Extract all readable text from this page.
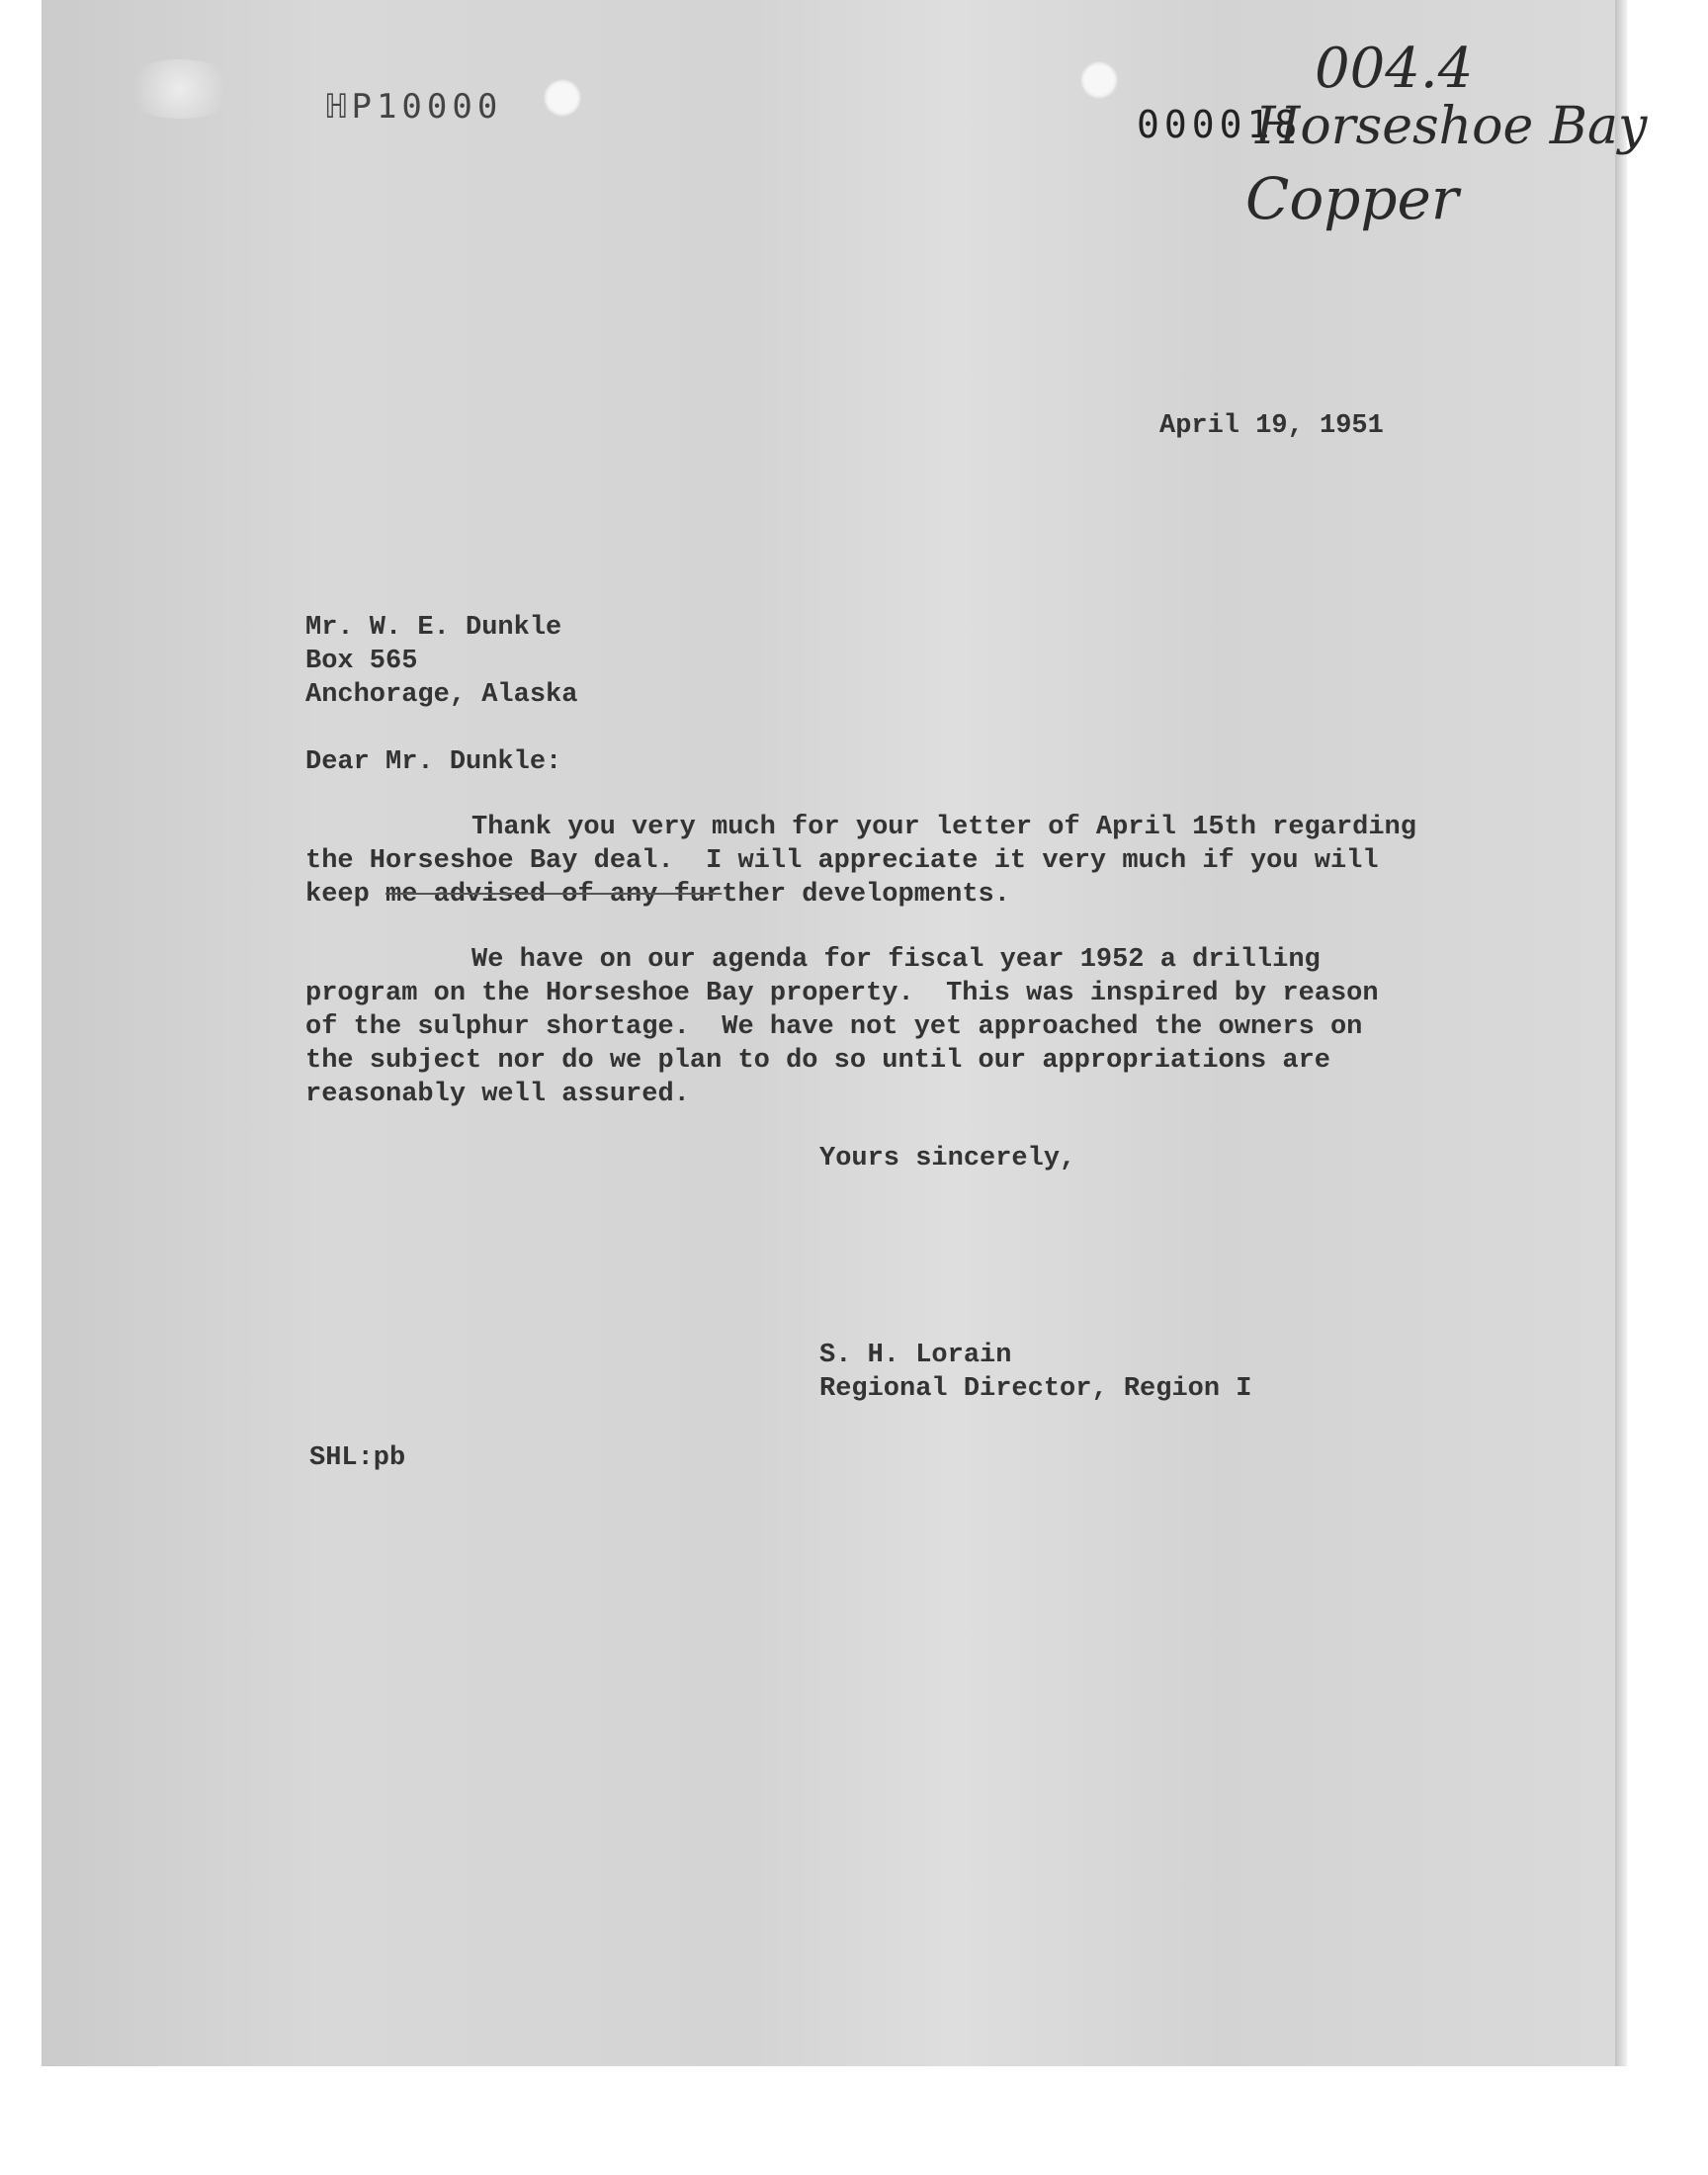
ℍP10000	000018
004.4
Horseshoe Bay
Copper
April 19, 1951
Mr. W. E. Dunkle
Box 565
Anchorage, Alaska
Dear Mr. Dunkle:
Thank you very much for your letter of April 15th regarding
the Horseshoe Bay deal.  I will appreciate it very much if you will
keep me advised of any further developments.
We have on our agenda for fiscal year 1952 a drilling
program on the Horseshoe Bay property.  This was inspired by reason
of the sulphur shortage.  We have not yet approached the owners on
the subject nor do we plan to do so until our appropriations are
reasonably well assured.
Yours sincerely,
S. H. Lorain
Regional Director, Region I
SHL:pb
